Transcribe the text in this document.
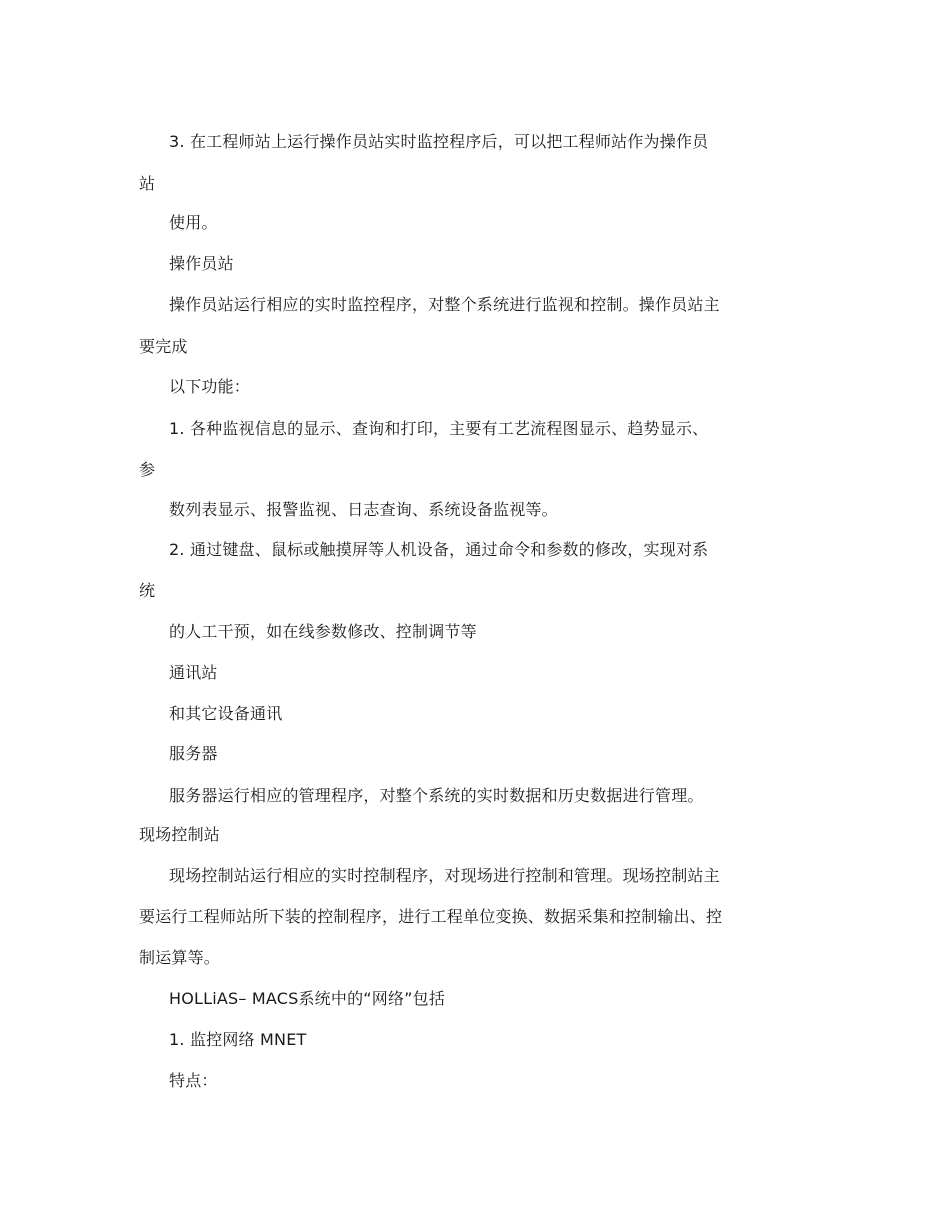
3. 在工程师站上运行操作员站实时监控程序后，可以把工程师站作为操作员
站
使用。
操作员站
操作员站运行相应的实时监控程序，对整个系统进行监视和控制。操作员站主
要完成
以下功能：
1. 各种监视信息的显示、查询和打印，主要有工艺流程图显示、趋势显示、
参
数列表显示、报警监视、日志查询、系统设备监视等。
2. 通过键盘、鼠标或触摸屏等人机设备，通过命令和参数的修改，实现对系
统
的人工干预，如在线参数修改、控制调节等
通讯站
和其它设备通讯
服务器
服务器运行相应的管理程序，对整个系统的实时数据和历史数据进行管理。
现场控制站
现场控制站运行相应的实时控制程序，对现场进行控制和管理。现场控制站主
要运行工程师站所下装的控制程序，进行工程单位变换、数据采集和控制输出、控
制运算等。
HOLLiAS– MACS系统中的“网络”包括
1. 监控网络 MNET
特点：
